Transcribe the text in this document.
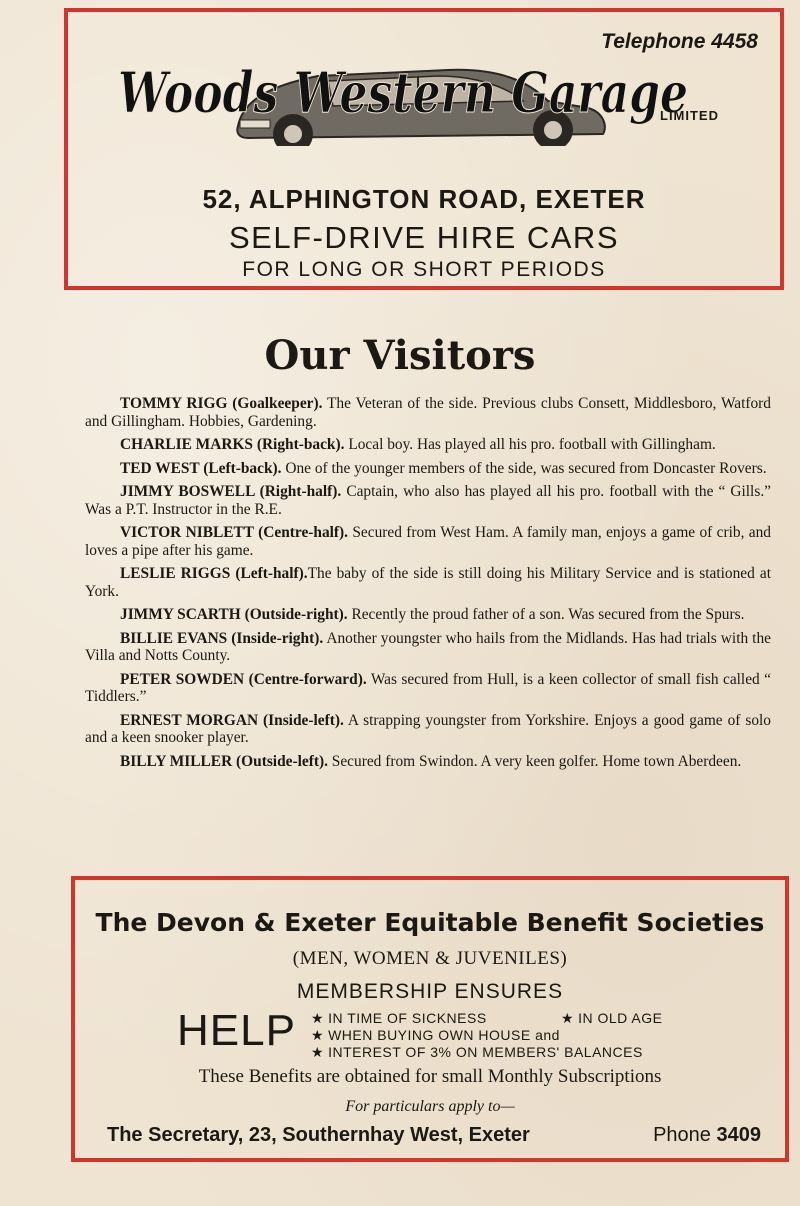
Telephone 4458
Woods Western Garage
LIMITED
52, ALPHINGTON ROAD, EXETER
SELF-DRIVE HIRE CARS
FOR LONG OR SHORT PERIODS
Our Visitors

TOMMY RIGG (Goalkeeper). The Veteran of the side. Previous clubs Consett, Middlesboro, Watford and Gillingham. Hobbies, Gardening.

CHARLIE MARKS (Right-back). Local boy. Has played all his pro. football with Gillingham.

TED WEST (Left-back). One of the younger members of the side, was secured from Doncaster Rovers.

JIMMY BOSWELL (Right-half). Captain, who also has played all his pro. football with the “ Gills.” Was a P.T. Instructor in the R.E.

VICTOR NIBLETT (Centre-half). Secured from West Ham. A family man, enjoys a game of crib, and loves a pipe after his game.

LESLIE RIGGS (Left-half).The baby of the side is still doing his Military Service and is stationed at York.

JIMMY SCARTH (Outside-right). Recently the proud father of a son. Was secured from the Spurs.

BILLIE EVANS (Inside-right). Another youngster who hails from the Midlands. Has had trials with the Villa and Notts County.

PETER SOWDEN (Centre-forward). Was secured from Hull, is a keen collector of small fish called “ Tiddlers.”

ERNEST MORGAN (Inside-left). A strapping youngster from Yorkshire. Enjoys a good game of solo and a keen snooker player.

BILLY MILLER (Outside-left). Secured from Swindon. A very keen golfer. Home town Aberdeen.

The Devon & Exeter Equitable Benefit Societies
(MEN, WOMEN & JUVENILES)
MEMBERSHIP ENSURES
HELP ★ IN TIME OF SICKNESS	★ IN OLD AGE
★ WHEN BUYING OWN HOUSE and
★ INTEREST OF 3% ON MEMBERS' BALANCES
These Benefits are obtained for small Monthly Subscriptions
For particulars apply to—
The Secretary, 23, Southernhay West, Exeter	Phone 3409
